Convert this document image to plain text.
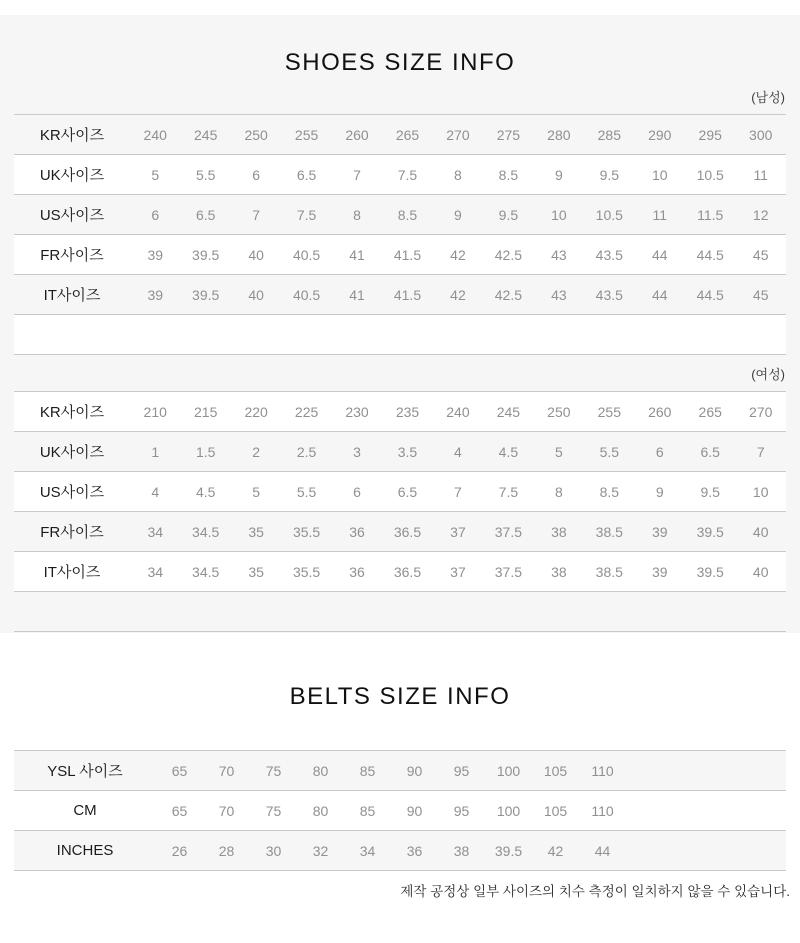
SHOES SIZE INFO
(남성)
KR사이즈	240	245	250	255	260	265	270	275	280	285	290	295	300
UK사이즈	5	5.5	6	6.5	7	7.5	8	8.5	9	9.5	10	10.5	11
US사이즈	6	6.5	7	7.5	8	8.5	9	9.5	10	10.5	11	11.5	12
FR사이즈	39	39.5	40	40.5	41	41.5	42	42.5	43	43.5	44	44.5	45
IT사이즈	39	39.5	40	40.5	41	41.5	42	42.5	43	43.5	44	44.5	45

(여성)
KR사이즈	210	215	220	225	230	235	240	245	250	255	260	265	270
UK사이즈	1	1.5	2	2.5	3	3.5	4	4.5	5	5.5	6	6.5	7
US사이즈	4	4.5	5	5.5	6	6.5	7	7.5	8	8.5	9	9.5	10
FR사이즈	34	34.5	35	35.5	36	36.5	37	37.5	38	38.5	39	39.5	40
IT사이즈	34	34.5	35	35.5	36	36.5	37	37.5	38	38.5	39	39.5	40

BELTS SIZE INFO
YSL 사이즈	65	70	75	80	85	90	95	100	105	110	
CM	65	70	75	80	85	90	95	100	105	110	
INCHES	26	28	30	32	34	36	38	39.5	42	44	
제작 공정상 일부 사이즈의 치수 측정이 일치하지 않을 수 있습니다.
